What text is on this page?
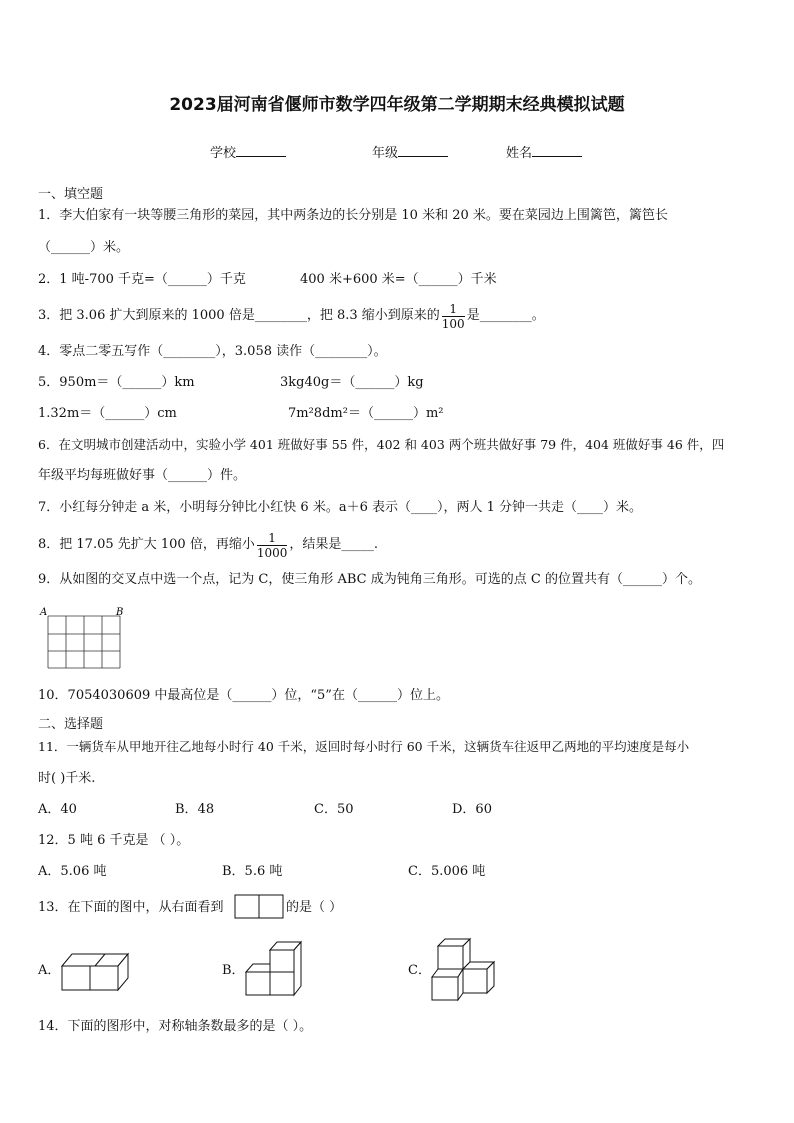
2023届河南省偃师市数学四年级第二学期期末经典模拟试题
学校	年级	姓名
一、填空题
1．李大伯家有一块等腰三角形的菜园，其中两条边的长分别是 10 米和 20 米。要在菜园边上围篱笆，篱笆长
（______）米。
2．1 吨-700 千克=（______）千克	400 米+600 米=（______）千米
3．把 3.06 扩大到原来的 1000 倍是________，把 8.3 缩小到原来的 $\frac{1}{100}$ 是________。
4．零点二零五写作（________），3.058 读作（________）。
5．950m＝（______）km	3kg40g＝（______）kg
1.32m＝（______）cm	7m²8dm²＝（______）m²
6．在文明城市创建活动中，实验小学 401 班做好事 55 件，402 和 403 两个班共做好事 79 件，404 班做好事 46 件，四
年级平均每班做好事（______）件。
7．小红每分钟走 a 米，小明每分钟比小红快 6 米。a＋6 表示（____），两人 1 分钟一共走（____）米。
8．把 17.05 先扩大 100 倍，再缩小 $\frac{1}{1000}$ ，结果是_____.
9．从如图的交叉点中选一个点，记为 C，使三角形 ABC 成为钝角三角形。可选的点 C 的位置共有（______）个。
A	B
10．7054030609 中最高位是（______）位，“5”在（______）位上。
二、选择题
11．一辆货车从甲地开往乙地每小时行 40 千米，返回时每小时行 60 千米，这辆货车往返甲乙两地的平均速度是每小
时( )千米.
A．40	B．48	C．50	D．60
12．5 吨 6 千克是 （ ）。
A．5.06 吨	B．5.6 吨	C．5.006 吨
13．在下面的图中，从右面看到	的是（ ）
A．	B．	C．
14．下面的图形中，对称轴条数最多的是（ ）。
